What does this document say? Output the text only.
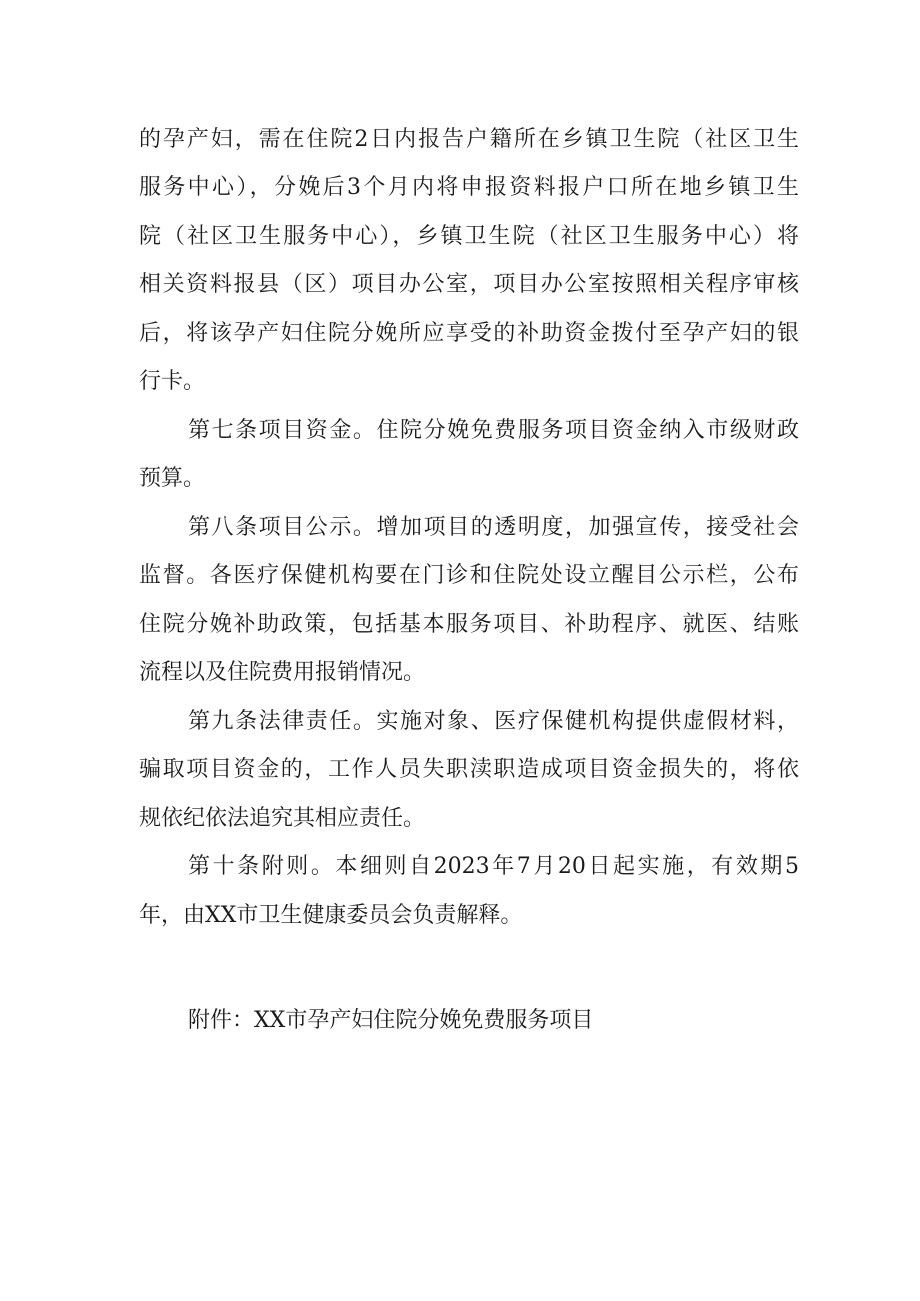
的孕产妇，需在住院2日内报告户籍所在乡镇卫生院（社区卫生
服务中心），分娩后3个月内将申报资料报户口所在地乡镇卫生
院（社区卫生服务中心），乡镇卫生院（社区卫生服务中心）将
相关资料报县（区）项目办公室，项目办公室按照相关程序审核
后，将该孕产妇住院分娩所应享受的补助资金拨付至孕产妇的银
行卡。
第七条项目资金。住院分娩免费服务项目资金纳入市级财政
预算。
第八条项目公示。增加项目的透明度，加强宣传，接受社会
监督。各医疗保健机构要在门诊和住院处设立醒目公示栏，公布
住院分娩补助政策，包括基本服务项目、补助程序、就医、结账
流程以及住院费用报销情况。
第九条法律责任。实施对象、医疗保健机构提供虚假材料，
骗取项目资金的，工作人员失职渎职造成项目资金损失的，将依
规依纪依法追究其相应责任。
第十条附则。本细则自2023年7月20日起实施，有效期5
年，由XX市卫生健康委员会负责解释。
附件：XX市孕产妇住院分娩免费服务项目
